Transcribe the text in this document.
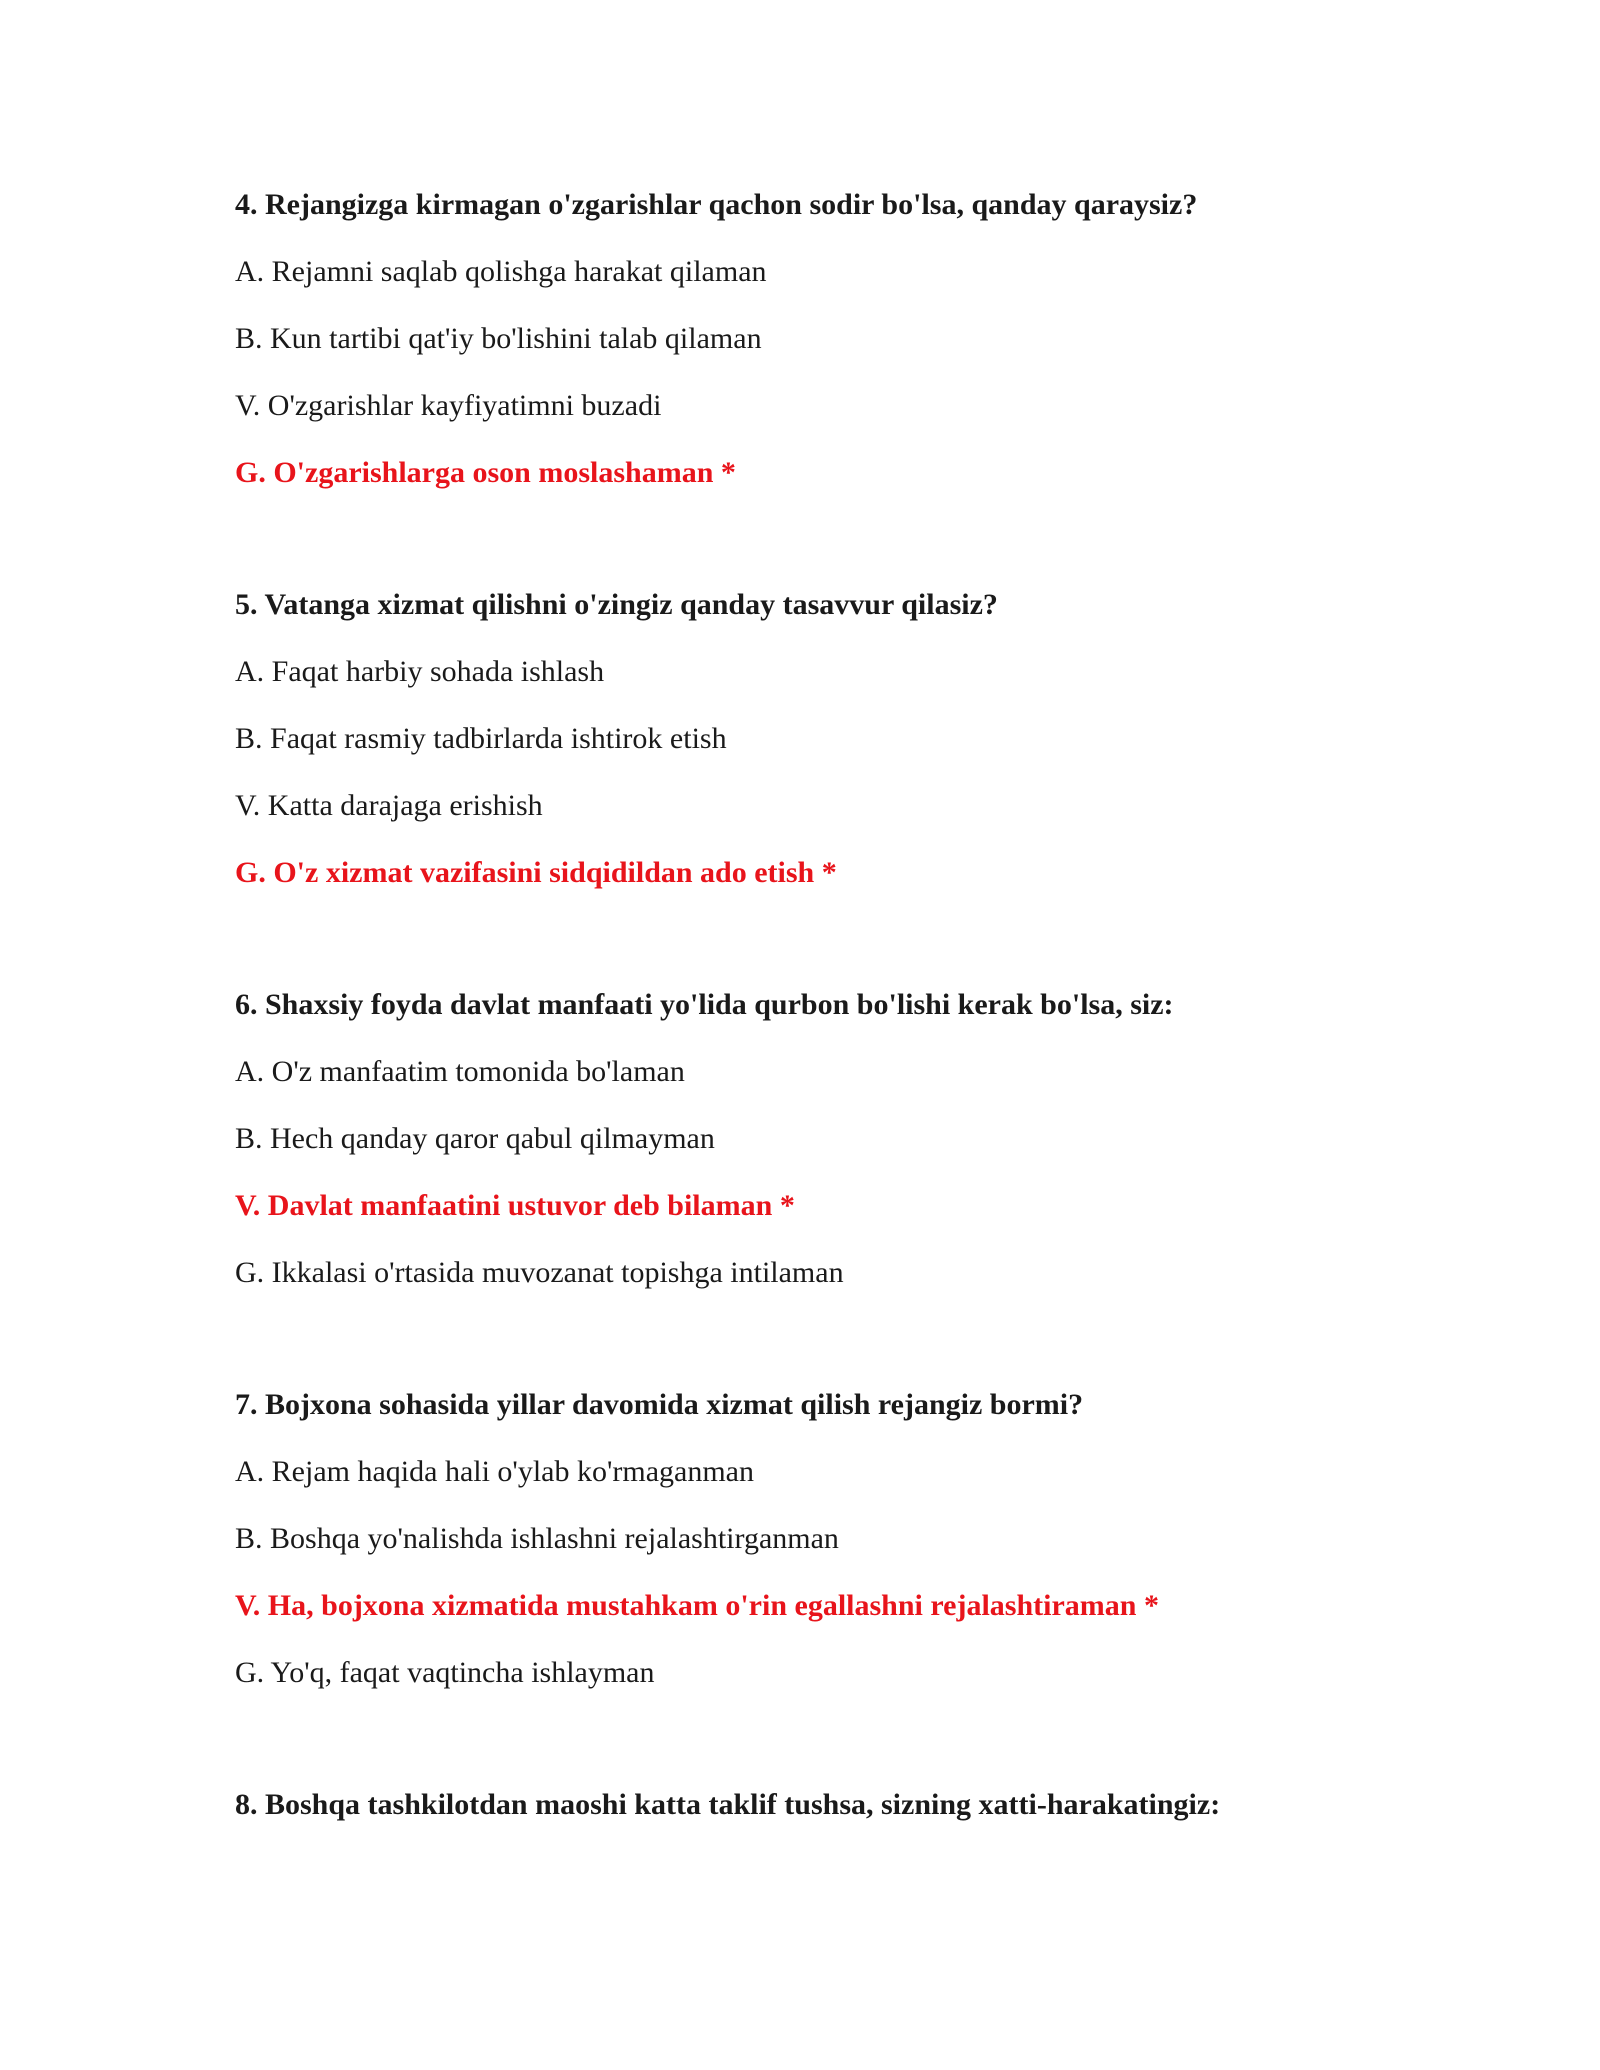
4. Rejangizga kirmagan o'zgarishlar qachon sodir bo'lsa, qanday qaraysiz?
A. Rejamni saqlab qolishga harakat qilaman
B. Kun tartibi qat'iy bo'lishini talab qilaman
V. O'zgarishlar kayfiyatimni buzadi
G. O'zgarishlarga oson moslashaman *
5. Vatanga xizmat qilishni o'zingiz qanday tasavvur qilasiz?
A. Faqat harbiy sohada ishlash
B. Faqat rasmiy tadbirlarda ishtirok etish
V. Katta darajaga erishish
G. O'z xizmat vazifasini sidqidildan ado etish *
6. Shaxsiy foyda davlat manfaati yo'lida qurbon bo'lishi kerak bo'lsa, siz:
A. O'z manfaatim tomonida bo'laman
B. Hech qanday qaror qabul qilmayman
V. Davlat manfaatini ustuvor deb bilaman *
G. Ikkalasi o'rtasida muvozanat topishga intilaman
7. Bojxona sohasida yillar davomida xizmat qilish rejangiz bormi?
A. Rejam haqida hali o'ylab ko'rmaganman
B. Boshqa yo'nalishda ishlashni rejalashtirganman
V. Ha, bojxona xizmatida mustahkam o'rin egallashni rejalashtiraman *
G. Yo'q, faqat vaqtincha ishlayman
8. Boshqa tashkilotdan maoshi katta taklif tushsa, sizning xatti-harakatingiz:
